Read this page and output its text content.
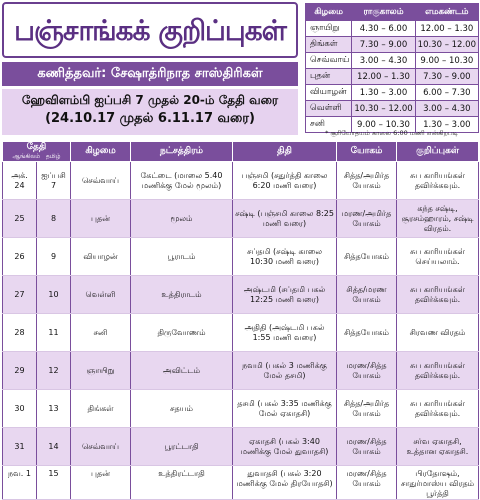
பஞ்சாங்கக் குறிப்புகள்
கணித்தவர்: சேஷாத்ரிநாத சாஸ்திரிகள்
ஹேவிளம்பி ஐப்பசி 7 முதல் 20-ம் தேதி வரை
(24.10.17 முதல் 6.11.17 வரை)
கிழமை	ராகுகாலம்	எமகண்டம்
ஞாயிறு	4.30 – 6.00	12.00 – 1.30
திங்கள்	7.30 – 9.00	10.30 – 12.00
செவ்வாய்	3.00 – 4.30	9.00 – 10.30
புதன்	12.00 – 1.30	7.30 – 9.00
வியாழன்	1.30 – 3.00	6.00 – 7.30
வெள்ளி	10.30 – 12.00	3.00 – 4.30
சனி	9.00 – 10.30	1.30 – 3.00
* சூரியோதயம் காலை 6:00 மணி என்கிறபடி
தேதி
ஆங்கிலம் தமிழ்		கிழமை	நட்சத்திரம்	திதி	யோகம்	குறிப்புகள்
அக். 24	ஐப்பசி 7	செவ்வாய்	கேட்டை (மாலை 5.40 மணிக்கு மேல் மூலம்)	பஞ்சமி (சதுர்த்தி காலை 6:20 மணி வரை)	சித்த/அமிர்த யோகம்	சுப காரியங்கள் தவிர்க்கவும்.
25	8	புதன்	மூலம்	சஷ்டி (பஞ்சமி காலை 8:25 மணி வரை)	மரண/அமிர்த யோகம்	கந்த சஷ்டி, சூரசம்ஹாரம், சஷ்டி விரதம்.
26	9	வியாழன்	பூராடம்	சப்தமி (சஷ்டி காலை 10:30 மணி வரை)	சித்தயோகம்	சுப காரியங்கள் செய்யலாம்.
27	10	வெள்ளி	உத்திராடம்	அஷ்டமி (சப்தமி பகல் 12:25 மணி வரை)	சித்த/மரண யோகம்	சுப காரியங்கள் தவிர்க்கவும்.
28	11	சனி	திருவோணம்	அதிதி (அஷ்டமி பகல் 1:55 மணி வரை)	சித்தயோகம்	சிரவண விரதம்
29	12	ஞாயிறு	அவிட்டம்	நவமி (பகல் 3 மணிக்கு மேல் தசமி)	மரண/சித்த யோகம்	சுப காரியங்கள் தவிர்க்கவும்.
30	13	திங்கள்	சதயம்	தசமி (பகல் 3:35 மணிக்கு மேல் ஏகாதசி)	சித்த/அமிர்த யோகம்	சுப காரியங்கள் தவிர்க்கவும்.
31	14	செவ்வாய்	பூரட்டாதி	ஏகாதசி (பகல் 3:40 மணிக்கு மேல் துவாதசி)	மரண/சித்த யோகம்	சர்வ ஏகாதசி, உத்தான ஏகாதசி.
நவ. 1	15	புதன்	உத்திரட்டாதி	துவாதசி (பகல் 3:20 மணிக்கு மேல் திரயோதசி)	மரண/சித்த யோகம்	பிரதோஷம், சாதுர்மாஸ்ய விரதம் பூர்த்தி
